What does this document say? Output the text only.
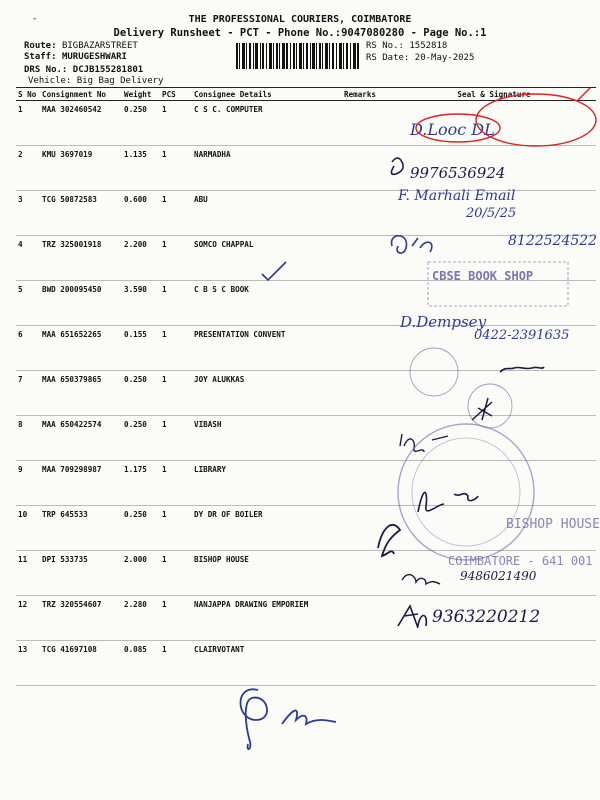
-	THE PROFESSIONAL COURIERS, COIMBATORE
Delivery Runsheet - PCT - Phone No.:9047080280 - Page No.:1
Route: BIGBAZARSTREET
Staff: MURUGESHWARI
DRS No.: DCJB155281801
Vehicle: Big Bag Delivery
RS No.: 1552818
RS Date: 20-May-2025
S No	Consignment No	Weight	PCS	Consignee Details	Remarks	Seal & Signature
1	MAA 302460542	0.250	1	C S C. COMPUTER		
2	KMU 3697019	1.135	1	NARMADHA		
3	TCG 50872583	0.600	1	ABU		
4	TRZ 325001918	2.200	1	SOMCO CHAPPAL		
5	BWD 200095450	3.590	1	C B S C BOOK		
6	MAA 651652265	0.155	1	PRESENTATION CONVENT		
7	MAA 650379865	0.250	1	JOY ALUKKAS		
8	MAA 650422574	0.250	1	VIBASH		
9	MAA 709298987	1.175	1	LIBRARY		
10	TRP 645533	0.250	1	DY DR OF BOILER		
11	DPI 533735	2.000	1	BISHOP HOUSE		
12	TRZ 320554607	2.280	1	NANJAPPA DRAWING EMPORIEM		
13	TCG 41697108	0.085	1	CLAIRVOTANT		
D.Looc DL
9976536924
F. Marhali Email
20/5/25
8122524522
CBSE BOOK SHOP
D.Dempsey
0422-2391635
BISHOP HOUSE
COIMBATORE - 641 001
9486021490
9363220212
